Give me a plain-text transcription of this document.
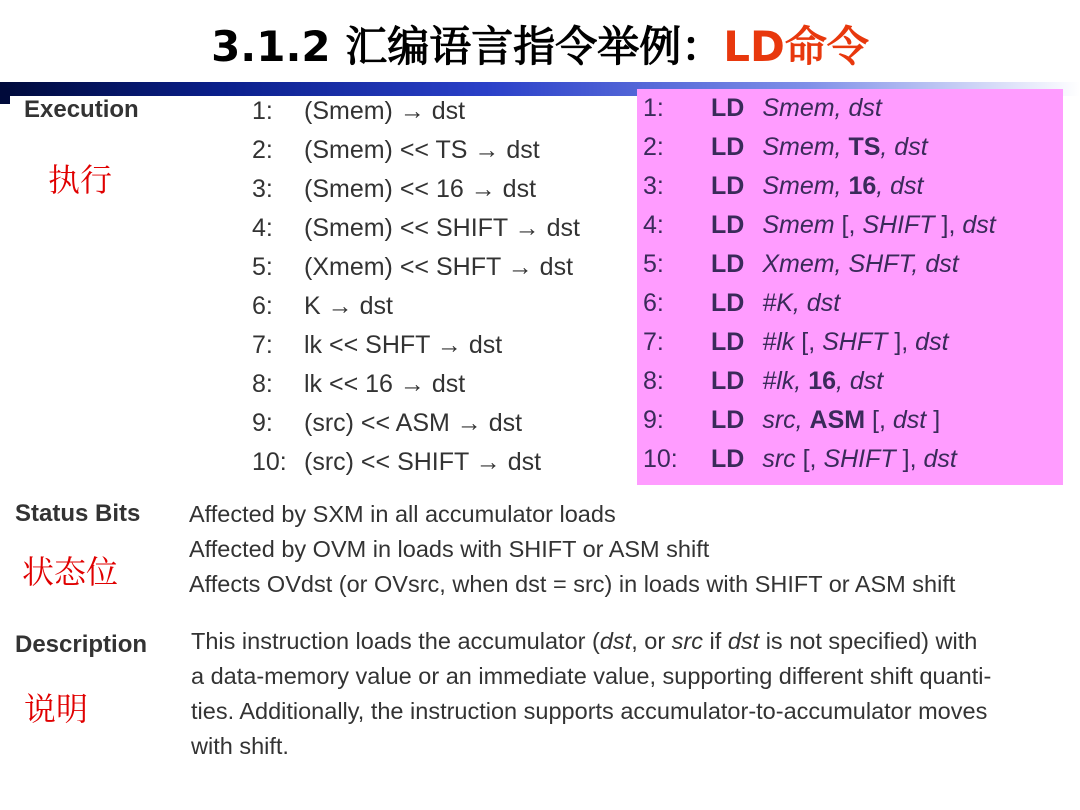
3.1.2 汇编语言指令举例：LD命令
Execution
执行
1: (Smem) → dst
2: (Smem) << TS → dst
3: (Smem) << 16 → dst
4: (Smem) << SHIFT → dst
5: (Xmem) << SHFT → dst
6: K → dst
7: lk << SHFT → dst
8: lk << 16 → dst
9: (src) << ASM → dst
10: (src) << SHIFT → dst
1: LD Smem, dst
2: LD Smem, TS, dst
3: LD Smem, 16, dst
4: LD Smem [, SHIFT ], dst
5: LD Xmem, SHFT, dst
6: LD #K, dst
7: LD #lk [, SHFT ], dst
8: LD #lk, 16, dst
9: LD src, ASM [, dst ]
10: LD src [, SHIFT ], dst
Status Bits
状态位
Affected by SXM in all accumulator loads
Affected by OVM in loads with SHIFT or ASM shift
Affects OVdst (or OVsrc, when dst = src) in loads with SHIFT or ASM shift
Description
说明
This instruction loads the accumulator (dst, or src if dst is not specified) with
a data-memory value or an immediate value, supporting different shift quanti-
ties. Additionally, the instruction supports accumulator-to-accumulator moves
with shift.
